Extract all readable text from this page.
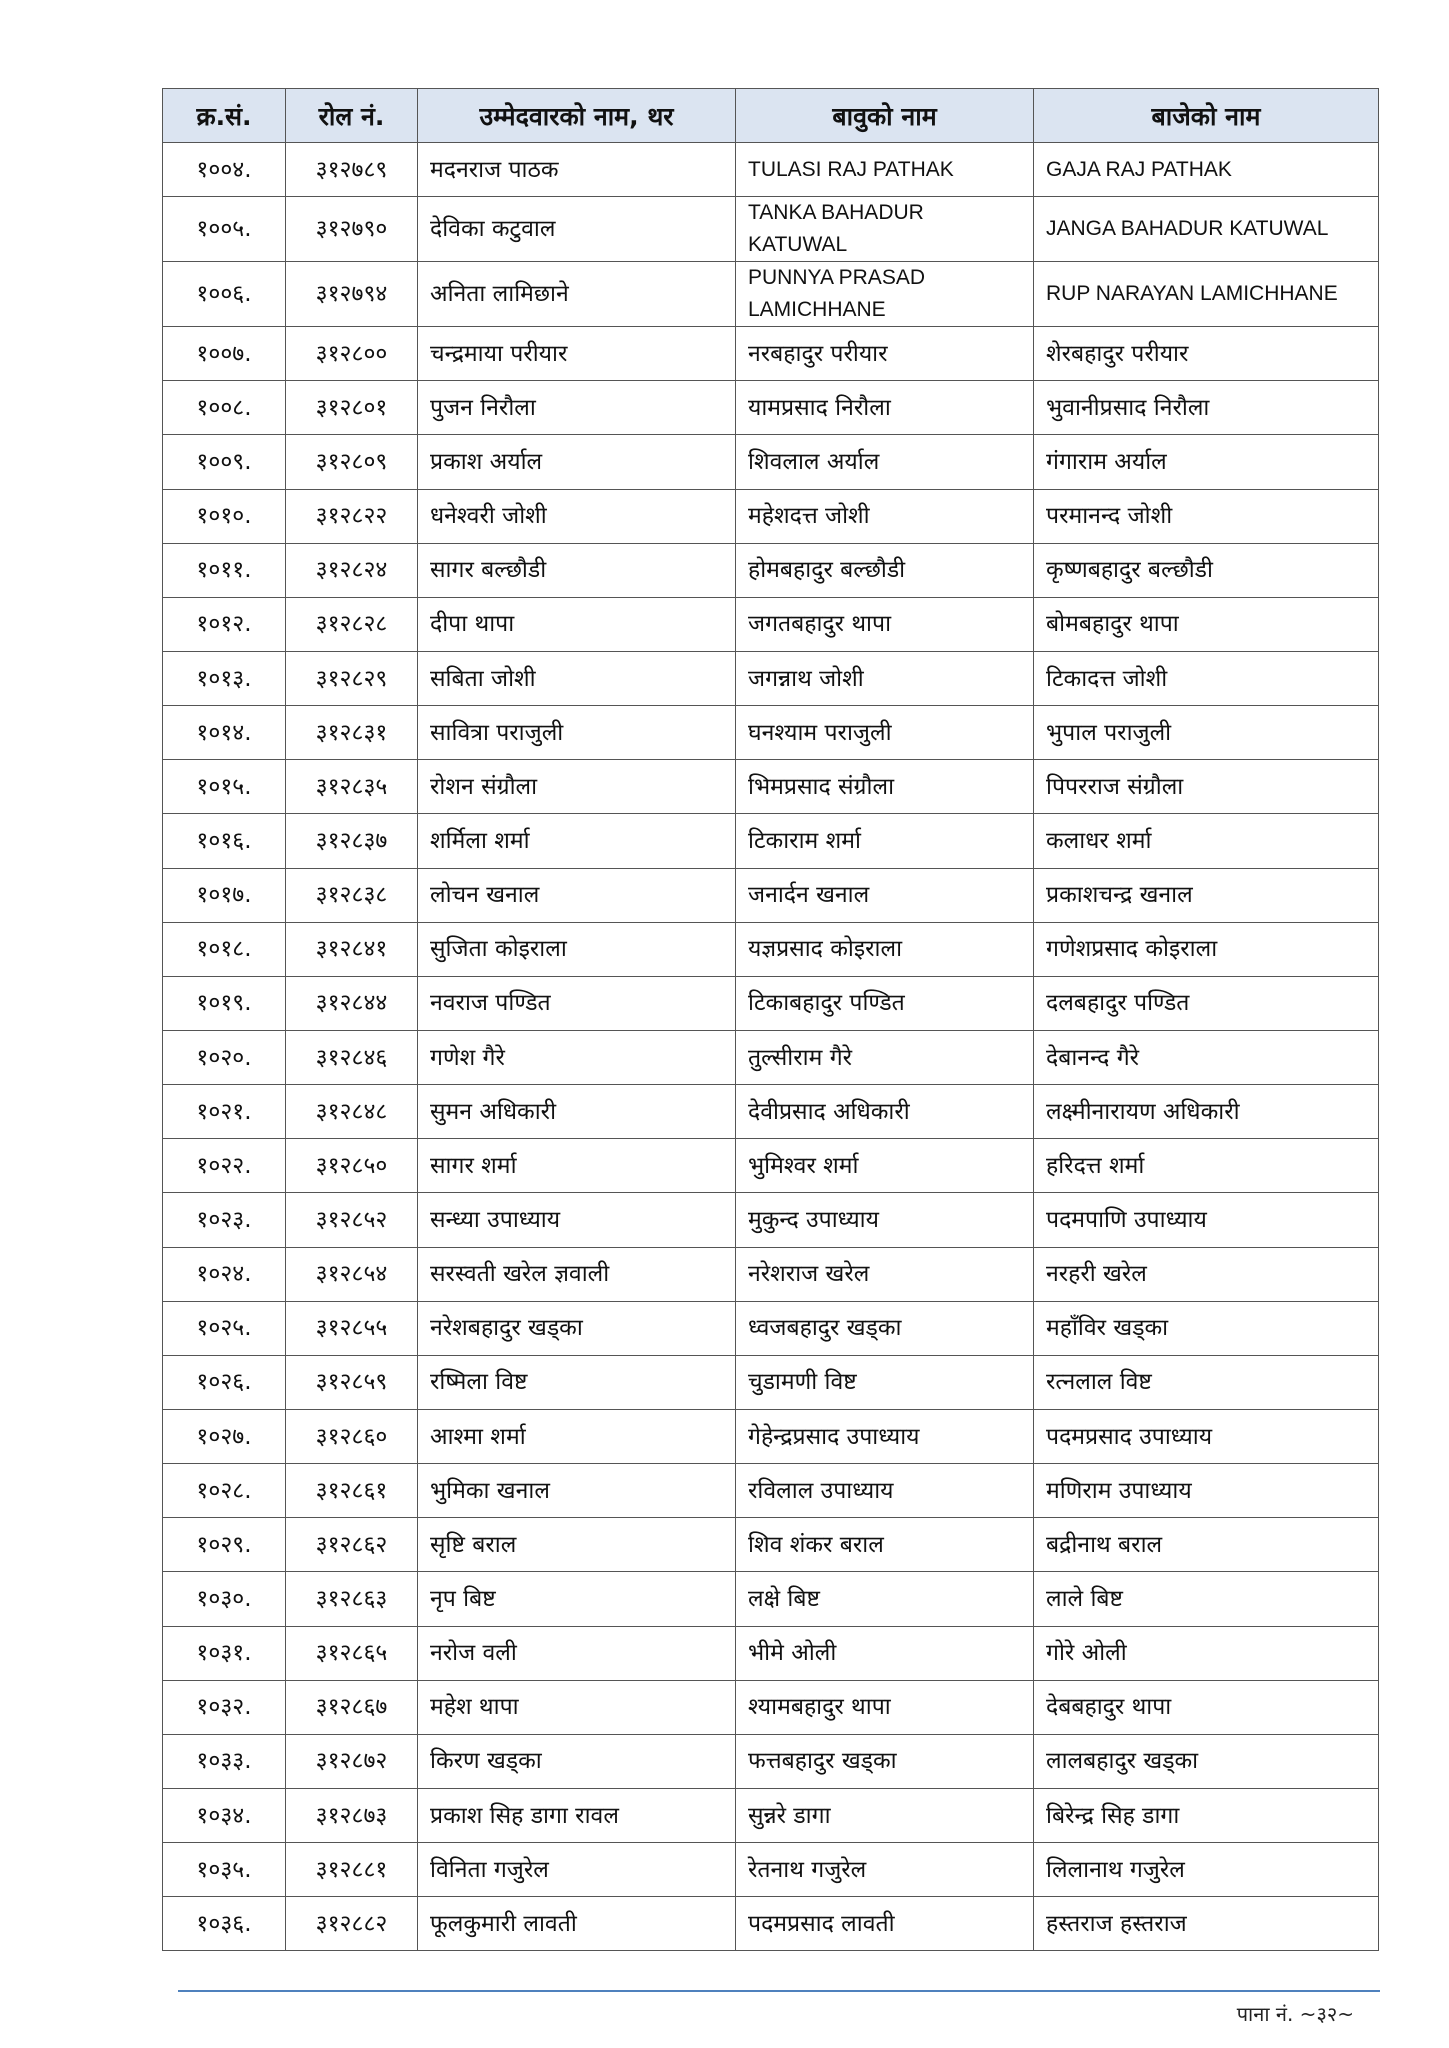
क्र.सं.	रोल नं.	उम्मेदवारको नाम, थर	बावुको नाम	बाजेको नाम
१००४.	३१२७८९	मदनराज पाठक	TULASI RAJ PATHAK	GAJA RAJ PATHAK
१००५.	३१२७९०	देविका कटुवाल	TANKA BAHADUR KATUWAL	JANGA BAHADUR KATUWAL
१००६.	३१२७९४	अनिता लामिछाने	PUNNYA PRASAD LAMICHHANE	RUP NARAYAN LAMICHHANE
१००७.	३१२८००	चन्द्रमाया परीयार	नरबहादुर परीयार	शेरबहादुर परीयार
१००८.	३१२८०१	पुजन निरौला	यामप्रसाद निरौला	भुवानीप्रसाद निरौला
१००९.	३१२८०९	प्रकाश अर्याल	शिवलाल अर्याल	गंगाराम अर्याल
१०१०.	३१२८२२	धनेश्वरी जोशी	महेशदत्त जोशी	परमानन्द जोशी
१०११.	३१२८२४	सागर बल्छौडी	होमबहादुर बल्छौडी	कृष्णबहादुर बल्छौडी
१०१२.	३१२८२८	दीपा थापा	जगतबहादुर थापा	बोमबहादुर थापा
१०१३.	३१२८२९	सबिता जोशी	जगन्नाथ जोशी	टिकादत्त जोशी
१०१४.	३१२८३१	सावित्रा पराजुली	घनश्याम पराजुली	भुपाल पराजुली
१०१५.	३१२८३५	रोशन संग्रौला	भिमप्रसाद संग्रौला	पिपरराज संग्रौला
१०१६.	३१२८३७	शर्मिला शर्मा	टिकाराम शर्मा	कलाधर शर्मा
१०१७.	३१२८३८	लोचन खनाल	जनार्दन खनाल	प्रकाशचन्द्र खनाल
१०१८.	३१२८४१	सुजिता कोइराला	यज्ञप्रसाद कोइराला	गणेशप्रसाद कोइराला
१०१९.	३१२८४४	नवराज पण्डित	टिकाबहादुर पण्डित	दलबहादुर पण्डित
१०२०.	३१२८४६	गणेश गैरे	तुल्सीराम गैरे	देबानन्द गैरे
१०२१.	३१२८४८	सुमन अधिकारी	देवीप्रसाद अधिकारी	लक्ष्मीनारायण अधिकारी
१०२२.	३१२८५०	सागर शर्मा	भुमिश्वर शर्मा	हरिदत्त शर्मा
१०२३.	३१२८५२	सन्ध्या उपाध्याय	मुकुन्द उपाध्याय	पदमपाणि उपाध्याय
१०२४.	३१२८५४	सरस्वती खरेल ज्ञवाली	नरेशराज खरेल	नरहरी खरेल
१०२५.	३१२८५५	नरेशबहादुर खड्का	ध्वजबहादुर खड्का	महाँविर खड्का
१०२६.	३१२८५९	रष्मिला विष्ट	चुडामणी विष्ट	रत्नलाल विष्ट
१०२७.	३१२८६०	आश्मा शर्मा	गेहेन्द्रप्रसाद उपाध्याय	पदमप्रसाद उपाध्याय
१०२८.	३१२८६१	भुमिका खनाल	रविलाल उपाध्याय	मणिराम उपाध्याय
१०२९.	३१२८६२	सृष्टि बराल	शिव शंकर बराल	बद्रीनाथ बराल
१०३०.	३१२८६३	नृप बिष्ट	लक्षे बिष्ट	लाले बिष्ट
१०३१.	३१२८६५	नरोज वली	भीमे ओली	गोरे ओली
१०३२.	३१२८६७	महेश थापा	श्यामबहादुर थापा	देबबहादुर थापा
१०३३.	३१२८७२	किरण खड्का	फत्तबहादुर खड्का	लालबहादुर खड्का
१०३४.	३१२८७३	प्रकाश सिह डागा रावल	सुन्नरे डागा	बिरेन्द्र सिह डागा
१०३५.	३१२८८१	विनिता गजुरेल	रेतनाथ गजुरेल	लिलानाथ गजुरेल
१०३६.	३१२८८२	फूलकुमारी लावती	पदमप्रसाद लावती	हस्तराज हस्तराज
पाना नं. ~३२~
